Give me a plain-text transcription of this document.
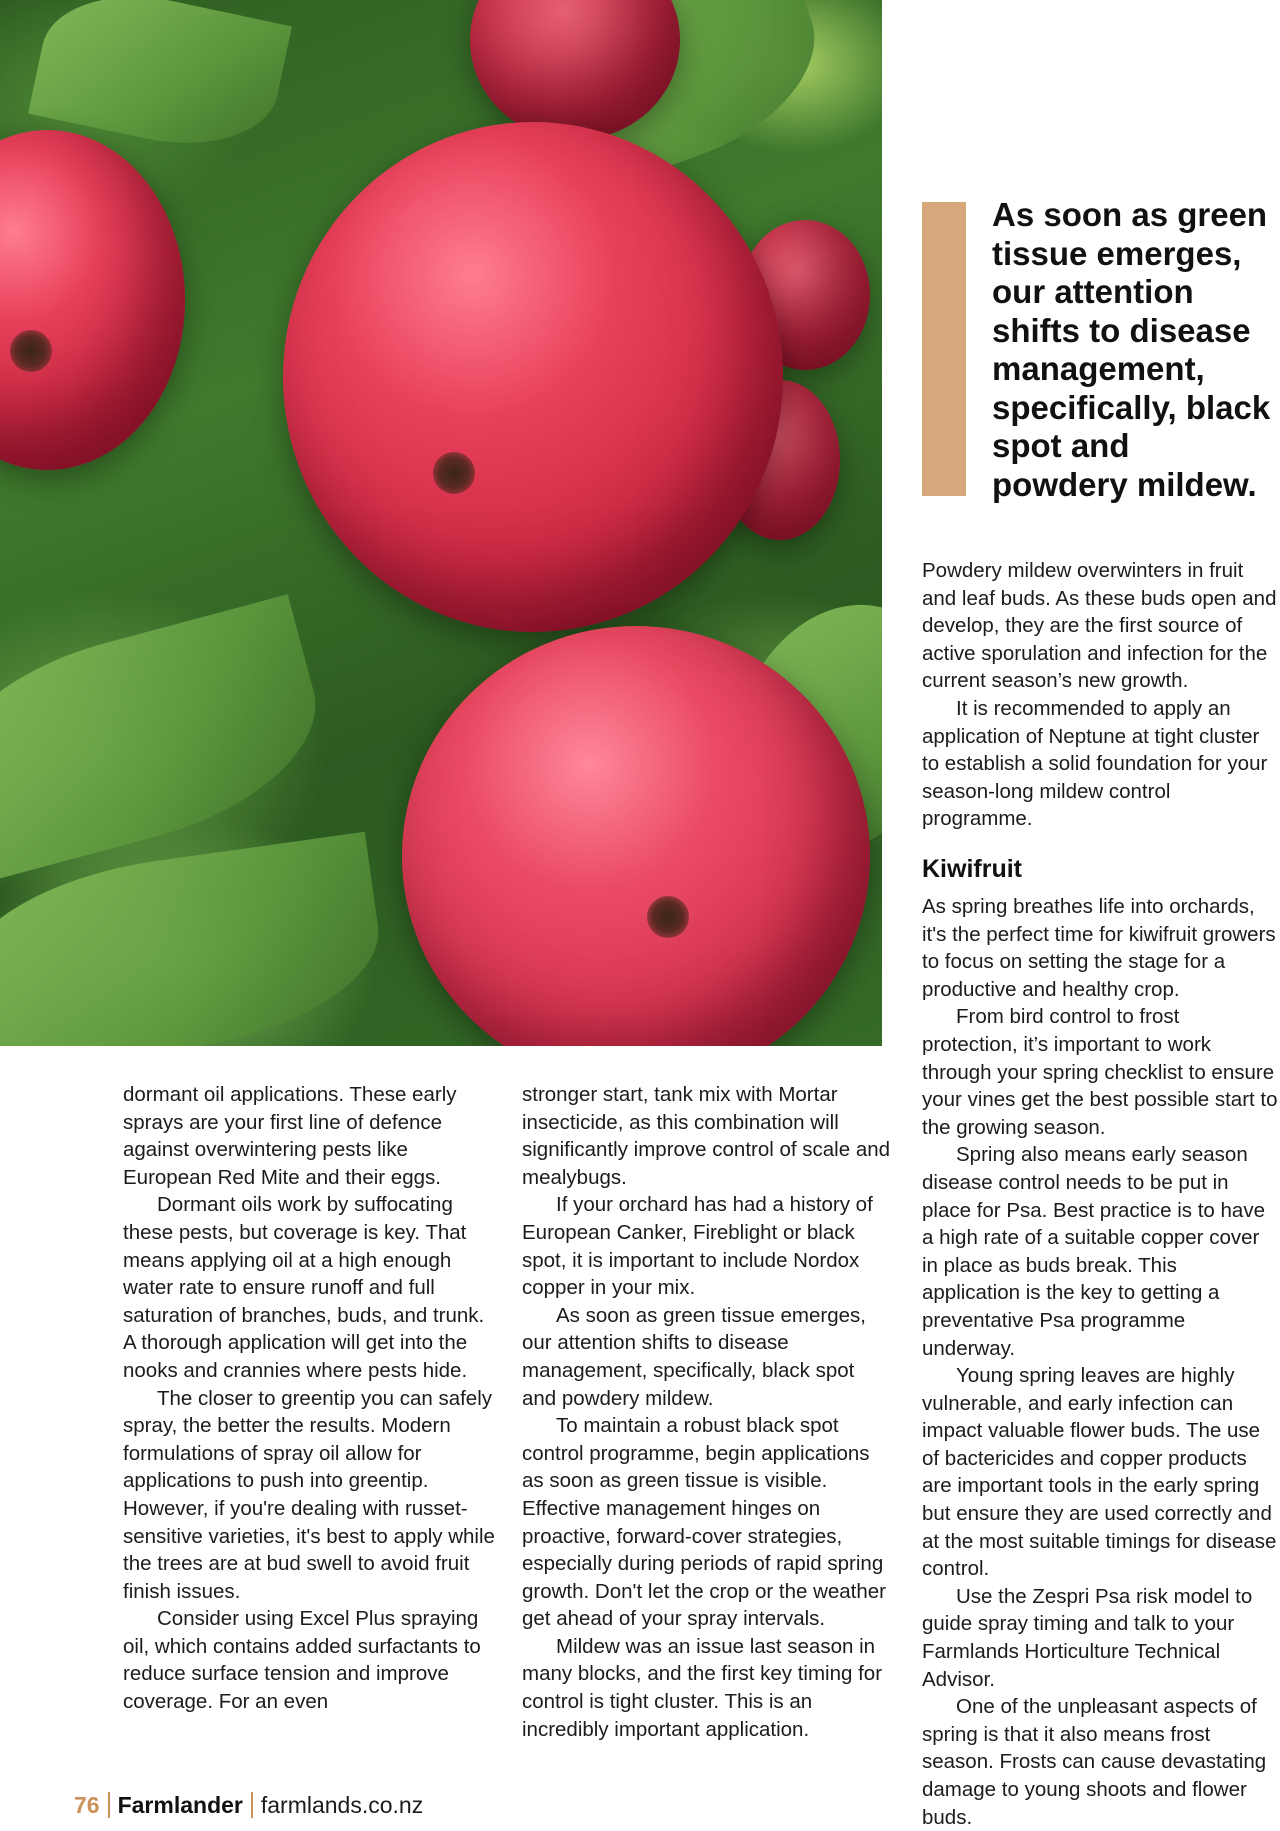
As soon as green tissue emerges, our attention shifts to disease management, specifically, black spot and powdery mildew.

dormant oil applications. These early sprays are your first line of defence against overwintering pests like European Red Mite and their eggs.

Dormant oils work by suffocating these pests, but coverage is key. That means applying oil at a high enough water rate to ensure runoff and full saturation of branches, buds, and trunk. A thorough application will get into the nooks and crannies where pests hide.

The closer to greentip you can safely spray, the better the results. Modern formulations of spray oil allow for applications to push into greentip. However, if you're dealing with russet-sensitive varieties, it's best to apply while the trees are at bud swell to avoid fruit finish issues.

Consider using Excel Plus spraying oil, which contains added surfactants to reduce surface tension and improve coverage. For an even

stronger start, tank mix with Mortar insecticide, as this combination will significantly improve control of scale and mealybugs.

If your orchard has had a history of European Canker, Fireblight or black spot, it is important to include Nordox copper in your mix.

As soon as green tissue emerges, our attention shifts to disease management, specifically, black spot and powdery mildew.

To maintain a robust black spot control programme, begin applications as soon as green tissue is visible. Effective management hinges on proactive, forward-cover strategies, especially during periods of rapid spring growth. Don't let the crop or the weather get ahead of your spray intervals.

Mildew was an issue last season in many blocks, and the first key timing for control is tight cluster. This is an incredibly important application.

Powdery mildew overwinters in fruit and leaf buds. As these buds open and develop, they are the first source of active sporulation and infection for the current season’s new growth.

It is recommended to apply an application of Neptune at tight cluster to establish a solid foundation for your season-long mildew control programme.

Kiwifruit

As spring breathes life into orchards, it's the perfect time for kiwifruit growers to focus on setting the stage for a productive and healthy crop.

From bird control to frost protection, it’s important to work through your spring checklist to ensure your vines get the best possible start to the growing season.

Spring also means early season disease control needs to be put in place for Psa. Best practice is to have a high rate of a suitable copper cover in place as buds break. This application is the key to getting a preventative Psa programme underway.

Young spring leaves are highly vulnerable, and early infection can impact valuable flower buds. The use of bactericides and copper products are important tools in the early spring but ensure they are used correctly and at the most suitable timings for disease control.

Use the Zespri Psa risk model to guide spray timing and talk to your Farmlands Horticulture Technical Advisor.

One of the unpleasant aspects of spring is that it also means frost season. Frosts can cause devastating damage to young shoots and flower buds.

76 Farmlander farmlands.co.nz
